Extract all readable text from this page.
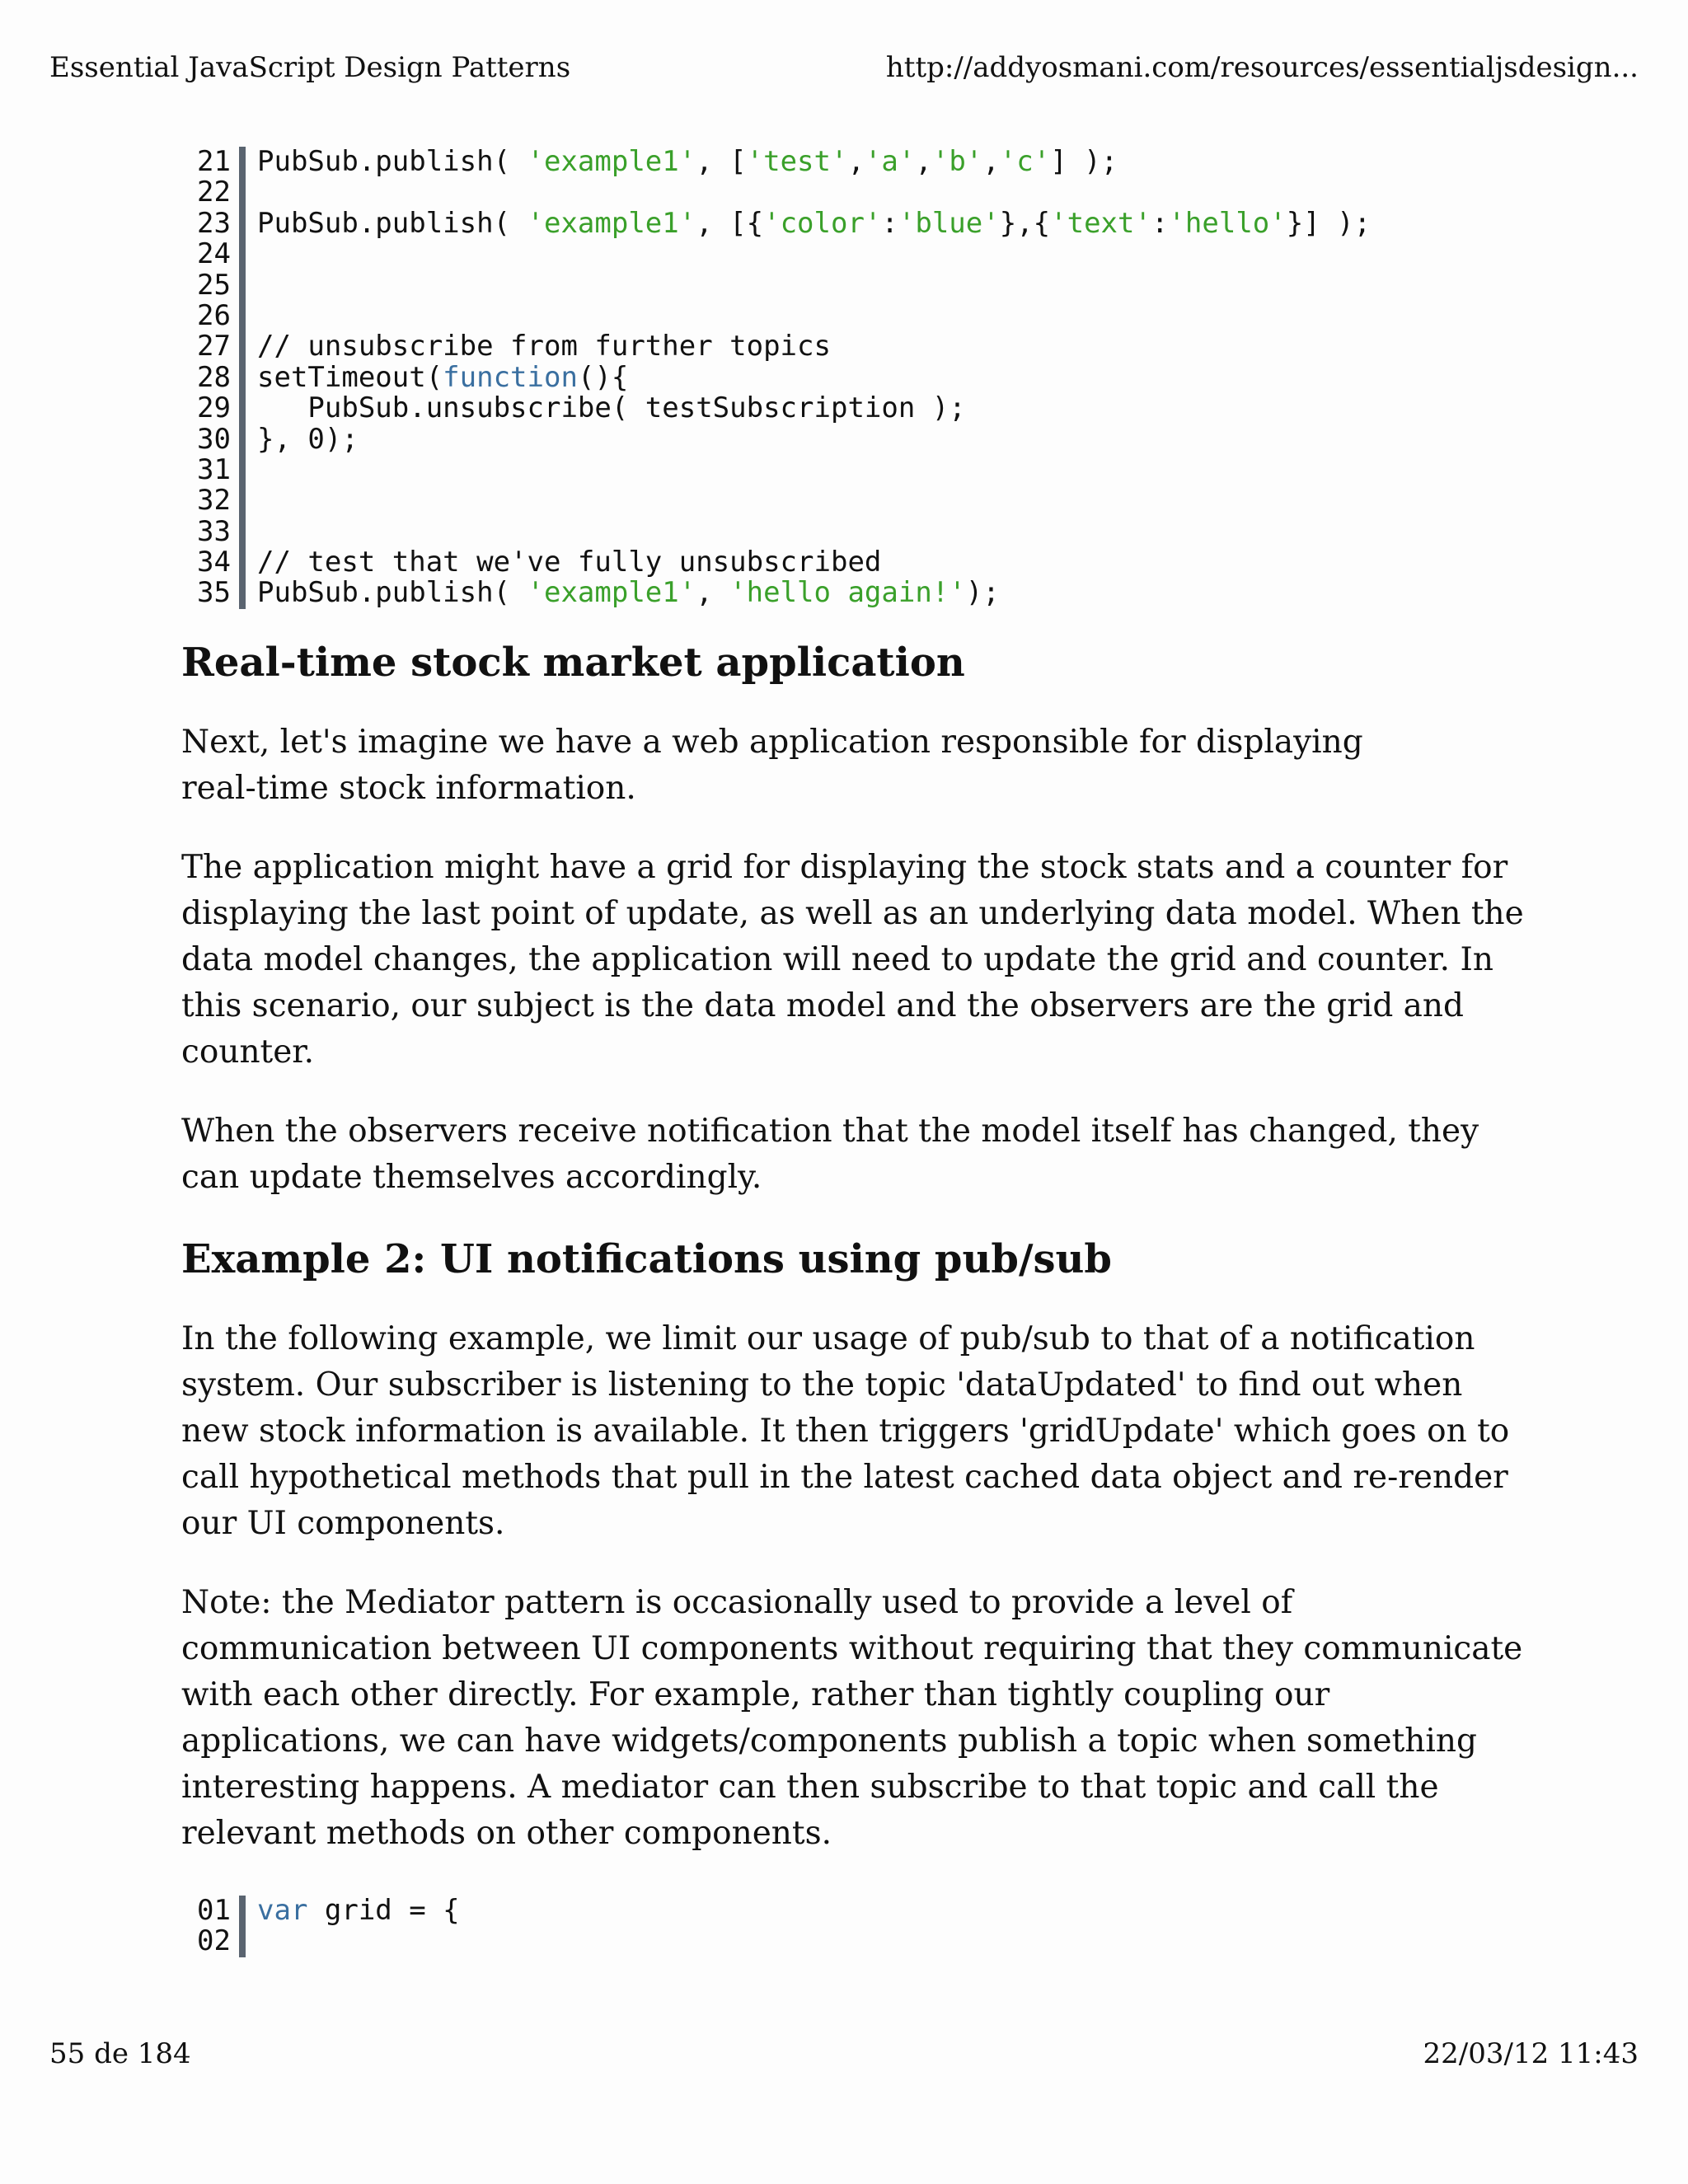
Essential JavaScript Design Patterns	http://addyosmani.com/resources/essentialjsdesign...
21 PubSub.publish( 'example1', ['test','a','b','c'] );
22
23 PubSub.publish( 'example1', [{'color':'blue'},{'text':'hello'}] );
24
25
26
27 // unsubscribe from further topics
28 setTimeout(function(){
29 PubSub.unsubscribe( testSubscription );
30 }, 0);
31
32
33
34 // test that we've fully unsubscribed
35 PubSub.publish( 'example1', 'hello again!');
Real-time stock market application

Next, let's imagine we have a web application responsible for displaying real-time stock information.

The application might have a grid for displaying the stock stats and a counter for displaying the last point of update, as well as an underlying data model. When the data model changes, the application will need to update the grid and counter. In this scenario, our subject is the data model and the observers are the grid and counter.

When the observers receive notification that the model itself has changed, they can update themselves accordingly.

Example 2: UI notifications using pub/sub

In the following example, we limit our usage of pub/sub to that of a notification system. Our subscriber is listening to the topic 'dataUpdated' to find out when new stock information is available. It then triggers 'gridUpdate' which goes on to call hypothetical methods that pull in the latest cached data object and re-render our UI components.

Note: the Mediator pattern is occasionally used to provide a level of communication between UI components without requiring that they communicate with each other directly. For example, rather than tightly coupling our applications, we can have widgets/components publish a topic when something interesting happens. A mediator can then subscribe to that topic and call the relevant methods on other components.

01 var grid = {
02
55 de 184	22/03/12 11:43
